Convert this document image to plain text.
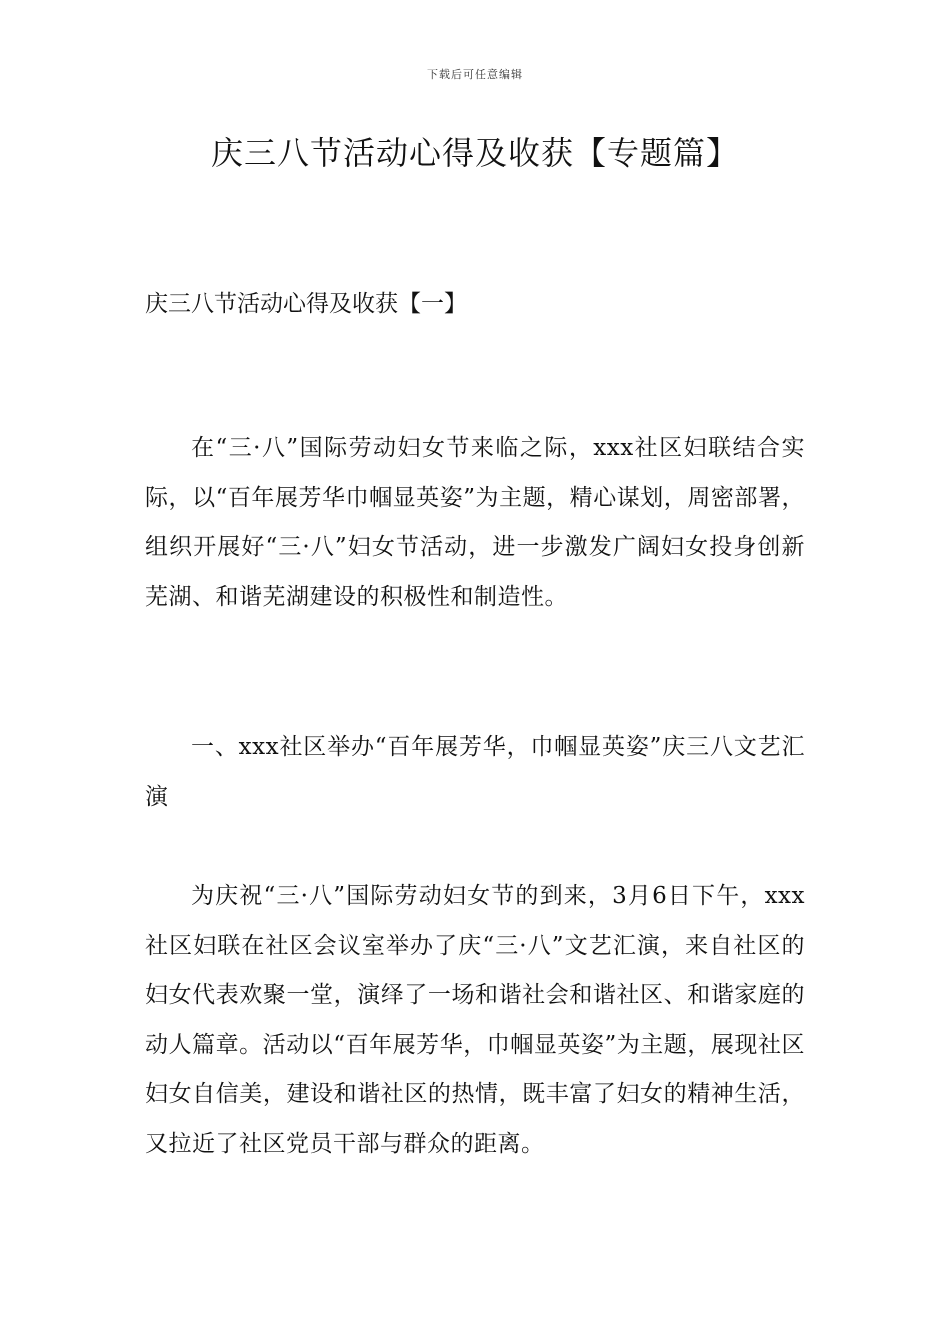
下载后可任意编辑
庆三八节活动心得及收获【专题篇】
庆三八节活动心得及收获【一】

在“三·八”国际劳动妇女节来临之际，xxx社区妇联结合实际，以“百年展芳华巾帼显英姿”为主题，精心谋划，周密部署，组织开展好“三·八”妇女节活动，进一步激发广阔妇女投身创新芜湖、和谐芜湖建设的积极性和制造性。

一、xxx社区举办“百年展芳华，巾帼显英姿”庆三八文艺汇演

为庆祝“三·八”国际劳动妇女节的到来，3月6日下午，xxx社区妇联在社区会议室举办了庆“三·八”文艺汇演，来自社区的妇女代表欢聚一堂，演绎了一场和谐社会和谐社区、和谐家庭的动人篇章。活动以“百年展芳华，巾帼显英姿”为主题，展现社区妇女自信美，建设和谐社区的热情，既丰富了妇女的精神生活，又拉近了社区党员干部与群众的距离。
